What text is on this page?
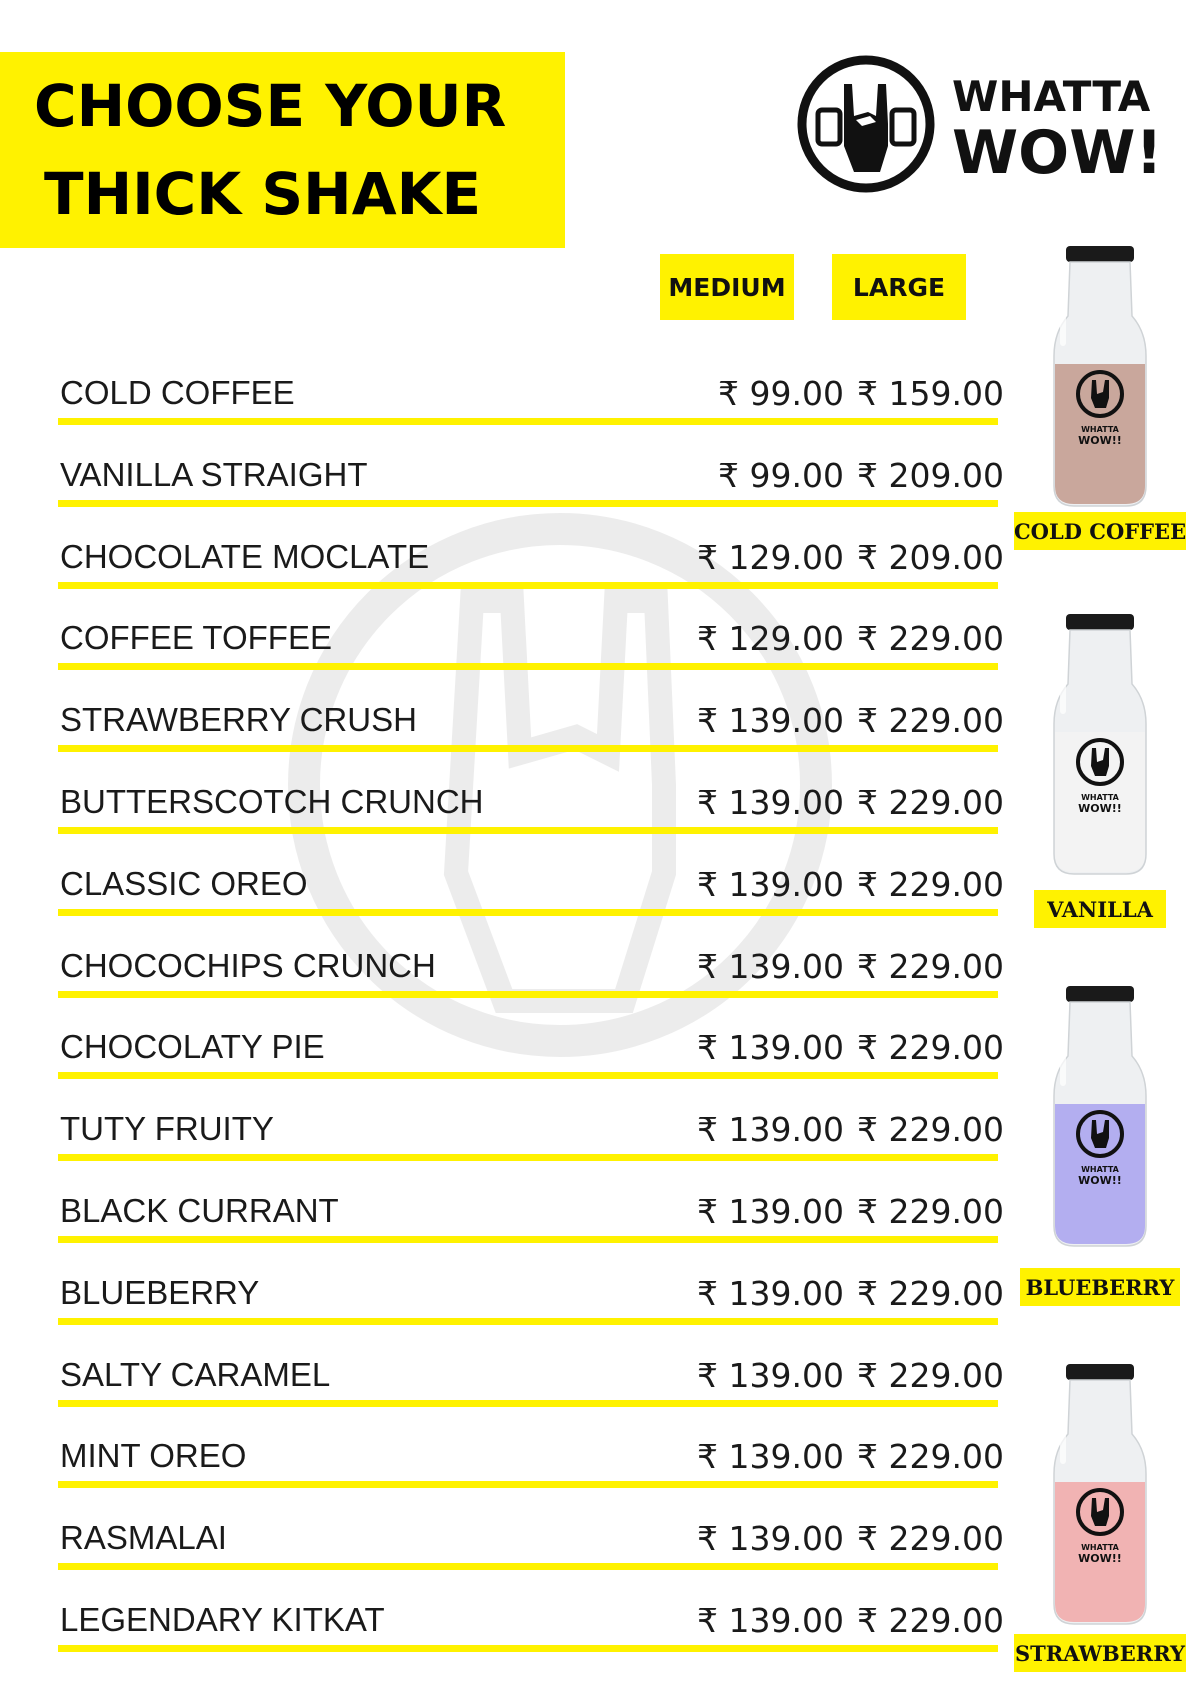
CHOOSE YOUR
THICK SHAKE
WHATTA
WOW!
MEDIUM	LARGE
COLD COFFEE	₹ 99.00 ₹ 159.00
VANILLA STRAIGHT	₹ 99.00 ₹ 209.00
CHOCOLATE MOCLATE	₹ 129.00 ₹ 209.00
COFFEE TOFFEE	₹ 129.00 ₹ 229.00
STRAWBERRY CRUSH	₹ 139.00 ₹ 229.00
BUTTERSCOTCH CRUNCH	₹ 139.00 ₹ 229.00
CLASSIC OREO	₹ 139.00 ₹ 229.00
CHOCOCHIPS CRUNCH	₹ 139.00 ₹ 229.00
CHOCOLATY PIE	₹ 139.00 ₹ 229.00
TUTY FRUITY	₹ 139.00 ₹ 229.00
BLACK CURRANT	₹ 139.00 ₹ 229.00
BLUEBERRY	₹ 139.00 ₹ 229.00
SALTY CARAMEL	₹ 139.00 ₹ 229.00
MINT OREO	₹ 139.00 ₹ 229.00
RASMALAI	₹ 139.00 ₹ 229.00
LEGENDARY KITKAT	₹ 139.00 ₹ 229.00
WHATTA
WOW!!
COLD COFFEE
WHATTA
WOW!!
VANILLA
WHATTA
WOW!!
BLUEBERRY
WHATTA
WOW!!
STRAWBERRY
